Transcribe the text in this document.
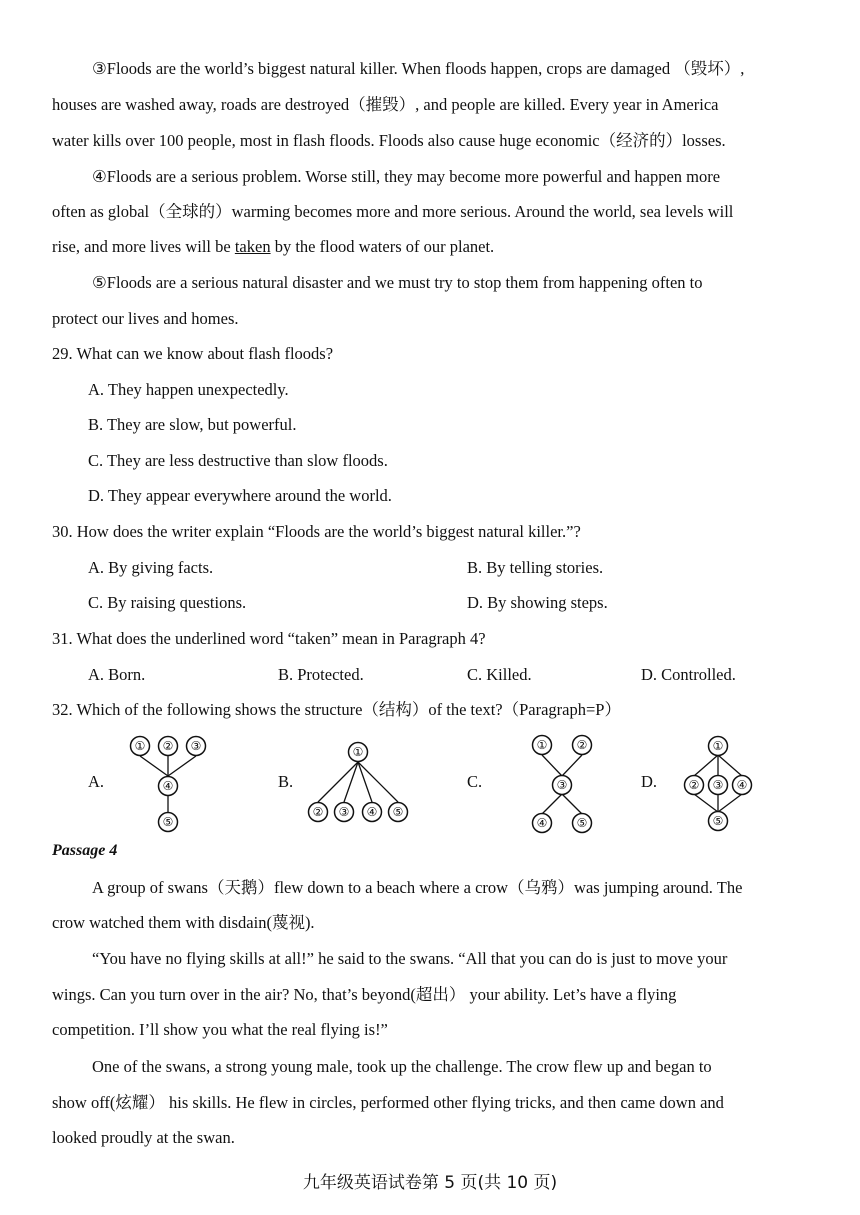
③Floods are the world’s biggest natural killer. When floods happen, crops are damaged （毁坏）,
houses are washed away, roads are destroyed（摧毁）, and people are killed. Every year in America
water kills over 100 people, most in flash floods. Floods also cause huge economic（经济的）losses.
④Floods are a serious problem. Worse still, they may become more powerful and happen more
often as global（全球的）warming becomes more and more serious. Around the world, sea levels will
rise, and more lives will be taken by the flood waters of our planet.
⑤Floods are a serious natural disaster and we must try to stop them from happening often to
protect our lives and homes.
29. What can we know about flash floods?
A. They happen unexpectedly.
B. They are slow, but powerful.
C. They are less destructive than slow floods.
D. They appear everywhere around the world.
30. How does the writer explain “Floods are the world’s biggest natural killer.”?
A. By giving facts.	B. By telling stories.
C. By raising questions.	D. By showing steps.
31. What does the underlined word “taken” mean in Paragraph 4?
A. Born.	B. Protected.	C. Killed.	D. Controlled.
32. Which of the following shows the structure（结构）of the text?（Paragraph=P）
A.	B.	C.	D.
① ② ③
④
⑤
①
② ③ ④ ⑤
① ②
③
④ ⑤
①
② ③ ④
⑤
Passage 4
A group of swans（天鹅）flew down to a beach where a crow（乌鸦）was jumping around. The
crow watched them with disdain(蔑视).
“You have no flying skills at all!” he said to the swans. “All that you can do is just to move your
wings. Can you turn over in the air? No, that’s beyond(超出） your ability. Let’s have a flying
competition. I’ll show you what the real flying is!”
One of the swans, a strong young male, took up the challenge. The crow flew up and began to
show off(炫耀） his skills. He flew in circles, performed other flying tricks, and then came down and
looked proudly at the swan.
九年级英语试卷第 5 页(共 10 页)
